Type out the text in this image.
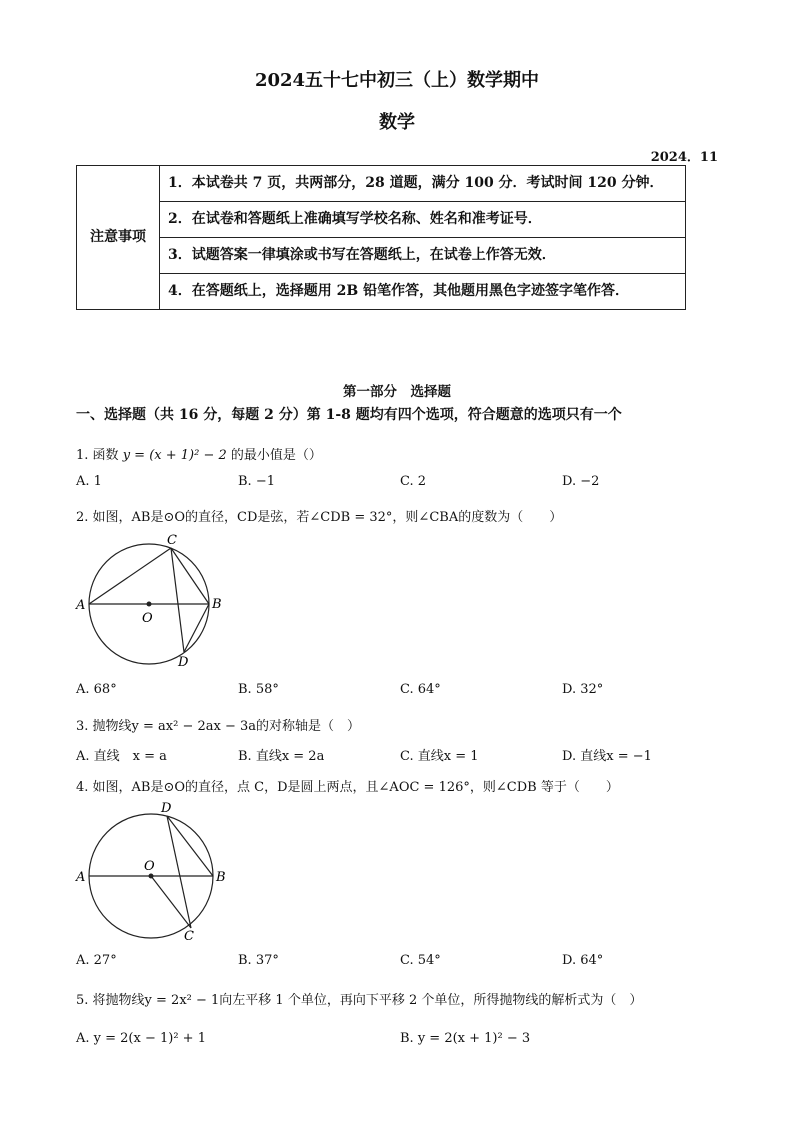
2024五十七中初三（上）数学期中
数学
2024．11
注意事项	1．本试卷共 7 页，共两部分，28 道题，满分 100 分．考试时间 120 分钟．
2．在试卷和答题纸上准确填写学校名称、姓名和准考证号．
3．试题答案一律填涂或书写在答题纸上，在试卷上作答无效．
4．在答题纸上，选择题用 2B 铅笔作答，其他题用黑色字迹签字笔作答．
第一部分　选择题
一、选择题（共 16 分，每题 2 分）第 1-8 题均有四个选项，符合题意的选项只有一个
1. 函数 y = (x + 1)² − 2 的最小值是（）
A. 1	B. −1	C. 2	D. −2
2. 如图，AB是⊙O的直径，CD是弦，若∠CDB = 32°，则∠CBA的度数为（　　）
A	B
C
D
O
A. 68°	B. 58°	C. 64°	D. 32°
3. 抛物线y = ax² − 2ax − 3a的对称轴是（　）
A. 直线　x = a	B. 直线x = 2a	C. 直线x = 1	D. 直线x = −1
4. 如图，AB是⊙O的直径，点 C，D是圆上两点，且∠AOC = 126°，则∠CDB 等于（　　）
A	B
C
D
O
A. 27°	B. 37°	C. 54°	D. 64°
5. 将抛物线y = 2x² − 1向左平移 1 个单位，再向下平移 2 个单位，所得抛物线的解析式为（　）
A. y = 2(x − 1)² + 1	B. y = 2(x + 1)² − 3
